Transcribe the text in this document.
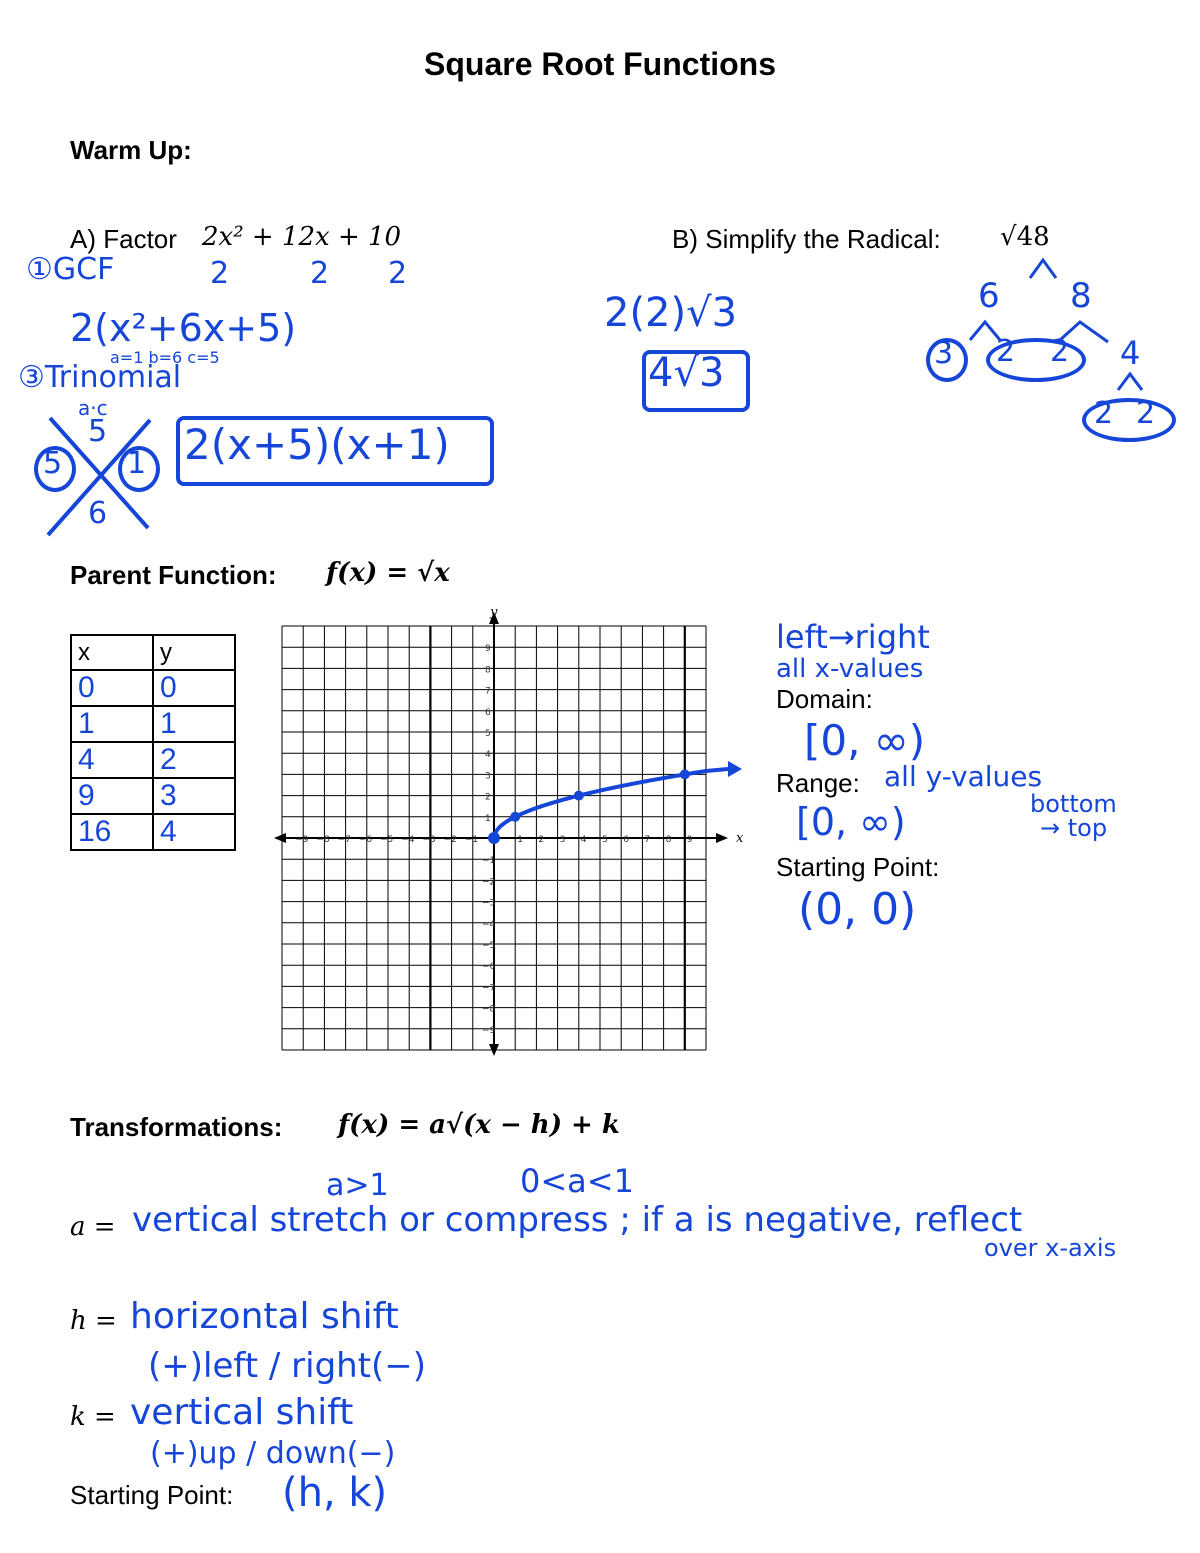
Square Root Functions
Warm Up:
A) Factor 2x² + 12x + 10	B) Simplify the Radical: √48
2	2 2
①GCF
2(x²+6x+5)
a=1 b=6 c=5
③Trinomial
a·c
5
5 1
6
2(x+5)(x+1)
2(2)√3
4√3
6 8
3 2 2 4
2 2
Parent Function: f(x) = √x
x	y
0	0
1	1
4	2
9	3
16	4	x
y
−9 −8 −7 −6 −5 −4 −3 −2 −1	1 2 3 4 5 6 7 8 9
−9
−8
−7
−6
−5
−4
−3
−2
−1
1
2
3
4
5
6
7
8
9	left→right
all x-values
Domain:
[0, ∞)
Range: all y-values
[0, ∞)	bottom
→ top
Starting Point:
(0, 0)
Transformations: f(x) = a√(x − h) + k
a>1	0<a<1
a = vertical stretch or compress ; if a is negative, reflect
over x-axis
h = horizontal shift
(+)left / right(−)
k = vertical shift
(+)up / down(−)
Starting Point: (h, k)
